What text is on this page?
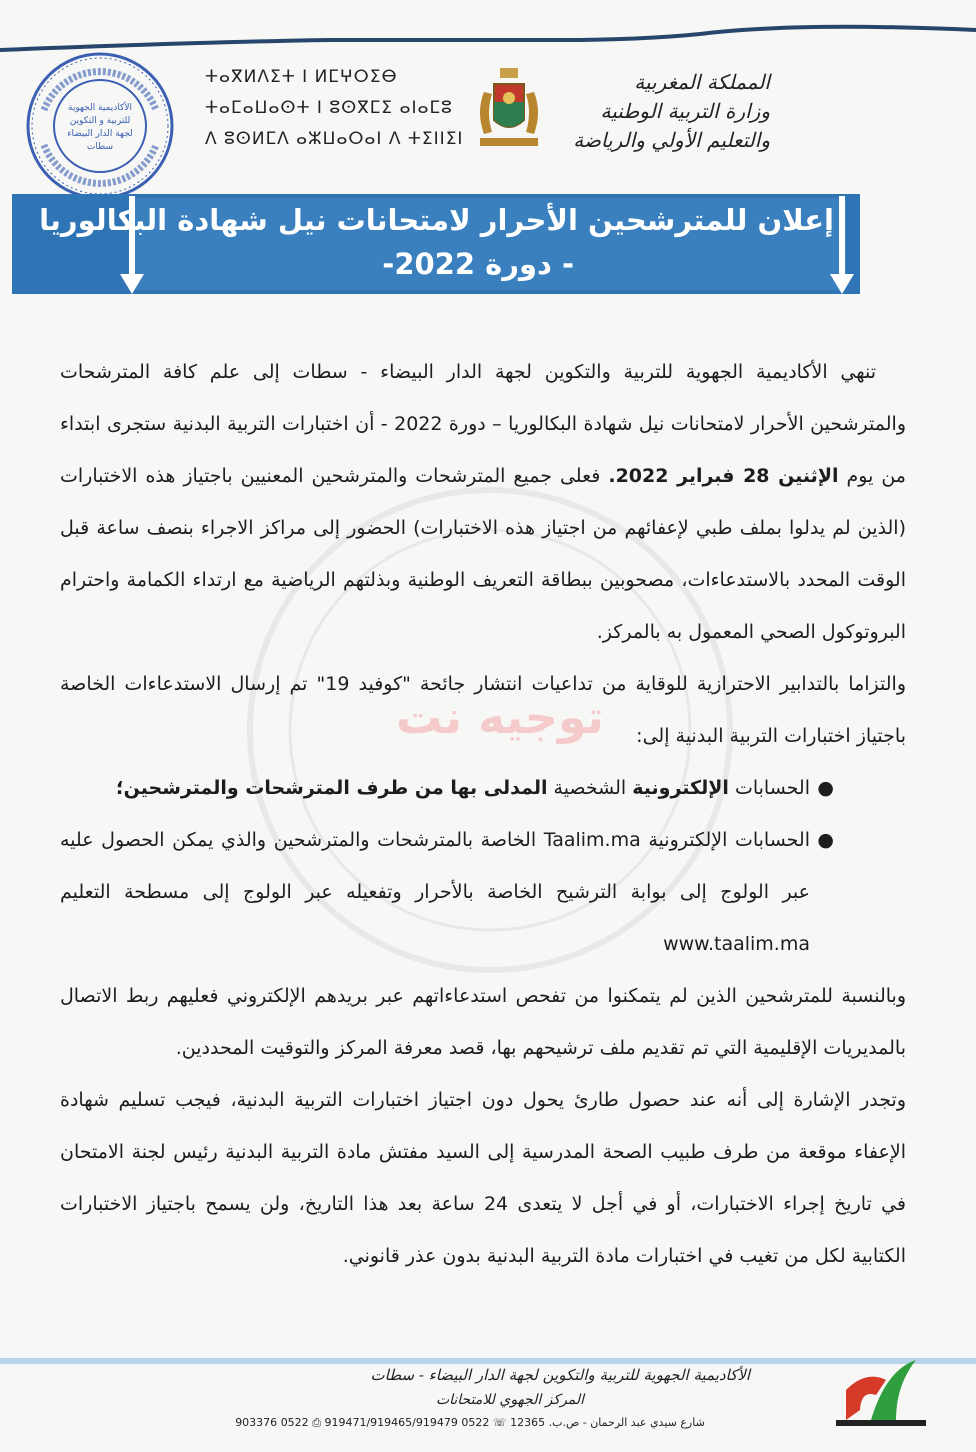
الأكاديمية الجهوية
للتربية و التكوين
لجهة الدار البيضاء
سطات
ⵜⴰⴳⵍⴷⵉⵜ ⵏ ⵍⵎⵖⵔⵉⴱ
ⵜⴰⵎⴰⵡⴰⵙⵜ ⵏ ⵓⵙⴳⵎⵉ ⴰⵏⴰⵎⵓ
ⴷ ⵓⵙⵍⵎⴷ ⴰⵣⵡⴰⵔⴰⵏ ⴷ ⵜⵉⵏⵏⵉⵏ
المملكة المغربية
وزارة التربية الوطنية
والتعليم الأولي والرياضة
إعلان للمترشحين الأحرار لامتحانات نيل شهادة البكالوريا
- دورة 2022-
توجيه نت

تنهي الأكاديمية الجهوية للتربية والتكوين لجهة الدار البيضاء - سطات إلى علم كافة المترشحات والمترشحين الأحرار لامتحانات نيل شهادة البكالوريا – دورة 2022 - أن اختبارات التربية البدنية ستجرى ابتداء من يوم الإثنين 28 فبراير 2022. فعلى جميع المترشحات والمترشحين المعنيين باجتياز هذه الاختبارات (الذين لم يدلوا بملف طبي لإعفائهم من اجتياز هذه الاختبارات) الحضور إلى مراكز الاجراء بنصف ساعة قبل الوقت المحدد بالاستدعاءات، مصحوبين ببطاقة التعريف الوطنية وبذلتهم الرياضية مع ارتداء الكمامة واحترام البروتوكول الصحي المعمول به بالمركز.

والتزاما بالتدابير الاحترازية للوقاية من تداعيات انتشار جائحة "كوفيد 19" تم إرسال الاستدعاءات الخاصة باجتياز اختبارات التربية البدنية إلى:

●
الحسابات الإلكترونية الشخصية المدلى بها من طرف المترشحات والمترشحين؛
●
الحسابات الإلكترونية Taalim.ma الخاصة بالمترشحات والمترشحين والذي يمكن الحصول عليه عبر الولوج إلى بوابة الترشيح الخاصة بالأحرار وتفعيله عبر الولوج إلى مسطحة التعليم www.taalim.ma

وبالنسبة للمترشحين الذين لم يتمكنوا من تفحص استدعاءاتهم عبر بريدهم الإلكتروني فعليهم ربط الاتصال بالمديريات الإقليمية التي تم تقديم ملف ترشيحهم بها، قصد معرفة المركز والتوقيت المحددين.

وتجدر الإشارة إلى أنه عند حصول طارئ يحول دون اجتياز اختبارات التربية البدنية، فيجب تسليم شهادة الإعفاء موقعة من طرف طبيب الصحة المدرسية إلى السيد مفتش مادة التربية البدنية رئيس لجنة الامتحان في تاريخ إجراء الاختبارات، أو في أجل لا يتعدى 24 ساعة بعد هذا التاريخ، ولن يسمح باجتياز الاختبارات الكتابية لكل من تغيب في اختبارات مادة التربية البدنية بدون عذر قانوني.

الأكاديمية الجهوية للتربية والتكوين لجهة الدار البيضاء - سطات
المركز الجهوي للامتحانات
شارع سيدي عبد الرحمان - ص.ب. 12365 ☏ 0522 919471/919465/919479 ⎙ 0522 903376
